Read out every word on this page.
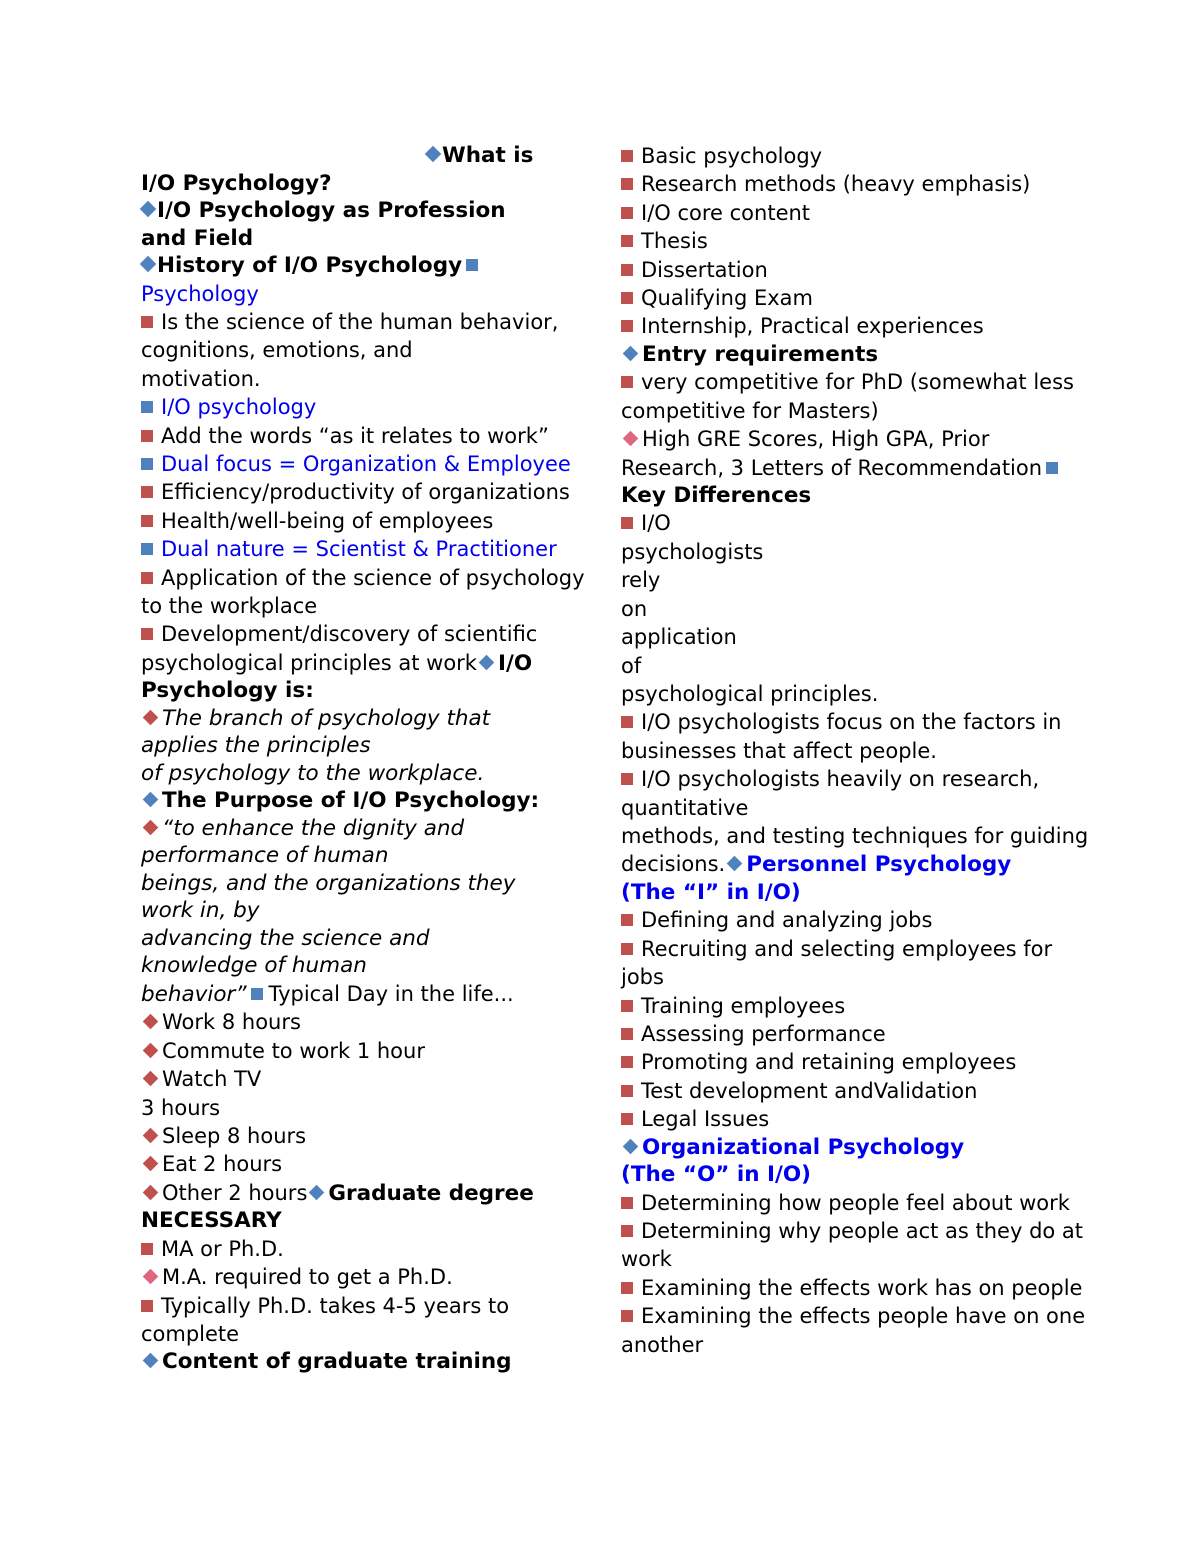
What is
I/O Psychology?
I/O Psychology as Profession
and Field
History of I/O Psychology
Psychology
Is the science of the human behavior,
cognitions, emotions, and
motivation.
I/O psychology
Add the words “as it relates to work”
Dual focus = Organization & Employee
Efficiency/productivity of organizations
Health/well-being of employees
Dual nature = Scientist & Practitioner
Application of the science of psychology
to the workplace
Development/discovery of scientific
psychological principles at work I/O
Psychology is:
The branch of psychology that
applies the principles
of psychology to the workplace.
The Purpose of I/O Psychology:
“to enhance the dignity and
performance of human
beings, and the organizations they
work in, by
advancing the science and
knowledge of human
behavior” Typical Day in the life...
Work 8 hours
Commute to work 1 hour
Watch TV
3 hours
Sleep 8 hours
Eat 2 hours
Other 2 hours Graduate degree
NECESSARY
MA or Ph.D.
M.A. required to get a Ph.D.
Typically Ph.D. takes 4-5 years to
complete
Content of graduate training
Basic psychology
Research methods (heavy emphasis)
I/O core content
Thesis
Dissertation
Qualifying Exam
Internship, Practical experiences
Entry requirements
very competitive for PhD (somewhat less
competitive for Masters)
High GRE Scores, High GPA, Prior
Research, 3 Letters of Recommendation
Key Differences
I/O
psychologists
rely
on
application
of
psychological principles.
I/O psychologists focus on the factors in
businesses that affect people.
I/O psychologists heavily on research,
quantitative
methods, and testing techniques for guiding
decisions. Personnel Psychology
(The “I” in I/O)
Defining and analyzing jobs
Recruiting and selecting employees for
jobs
Training employees
Assessing performance
Promoting and retaining employees
Test development andValidation
Legal Issues
Organizational Psychology
(The “O” in I/O)
Determining how people feel about work
Determining why people act as they do at
work
Examining the effects work has on people
Examining the effects people have on one
another
